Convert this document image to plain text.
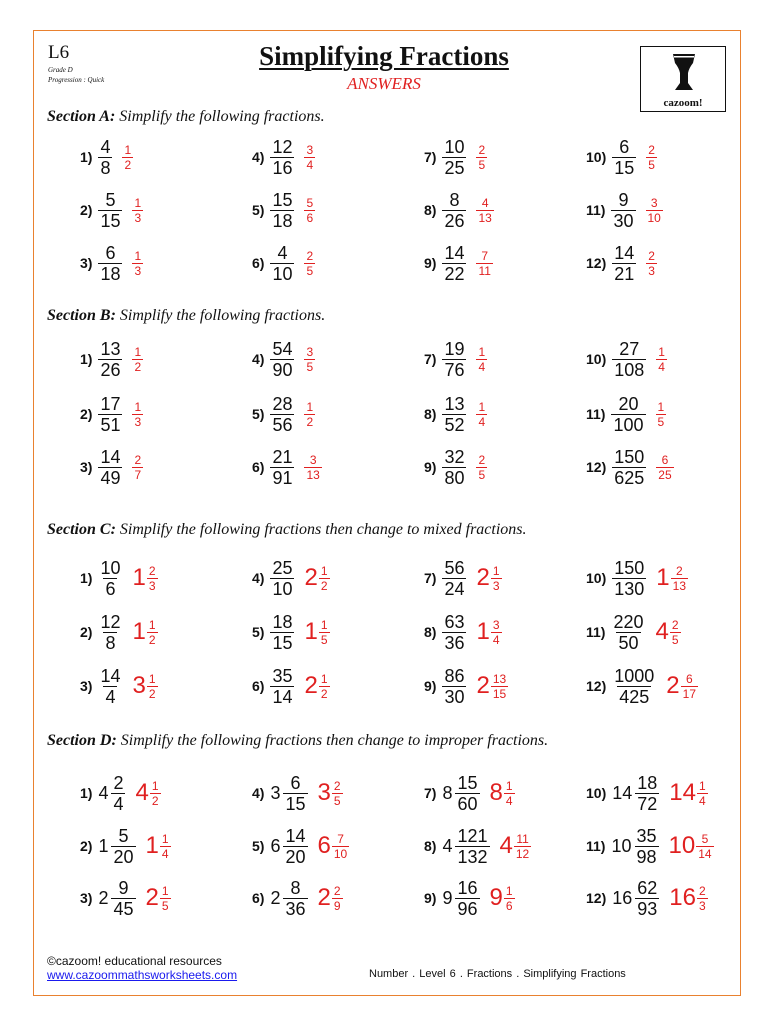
L6
Grade D
Progression : Quick
Simplifying Fractions
ANSWERS
cazoom!
Section A: Simplify the following fractions.
Section B: Simplify the following fractions.
Section C: Simplify the following fractions then change to mixed fractions.
Section D: Simplify the following fractions then change to improper fractions.
$1) \frac{4}{8} \frac{1}{2}$
$2) \frac{5}{15} \frac{1}{3}$
$3) \frac{6}{18} \frac{1}{3}$
$4) \frac{12}{16} \frac{3}{4}$
$5) \frac{15}{18} \frac{5}{6}$
$6) \frac{4}{10} \frac{2}{5}$
$7) \frac{10}{25} \frac{2}{5}$
$8) \frac{8}{26} \frac{4}{13}$
$9) \frac{14}{22} \frac{7}{11}$
$10) \frac{6}{15} \frac{2}{5}$
$11) \frac{9}{30} \frac{3}{10}$
$12) \frac{14}{21} \frac{2}{3}$
$1) \frac{13}{26} \frac{1}{2}$
$2) \frac{17}{51} \frac{1}{3}$
$3) \frac{14}{49} \frac{2}{7}$
$4) \frac{54}{90} \frac{3}{5}$
$5) \frac{28}{56} \frac{1}{2}$
$6) \frac{21}{91} \frac{3}{13}$
$7) \frac{19}{76} \frac{1}{4}$
$8) \frac{13}{52} \frac{1}{4}$
$9) \frac{32}{80} \frac{2}{5}$
$10) \frac{27}{108} \frac{1}{4}$
$11) \frac{20}{100} \frac{1}{5}$
$12) \frac{150}{625} \frac{6}{25}$
$1) \frac{10}{6} 1 \frac{2}{3}$
$2) \frac{12}{8} 1 \frac{1}{2}$
$3) \frac{14}{4} 3 \frac{1}{2}$
$4) \frac{25}{10} 2 \frac{1}{2}$
$5) \frac{18}{15} 1 \frac{1}{5}$
$6) \frac{35}{14} 2 \frac{1}{2}$
$7) \frac{56}{24} 2 \frac{1}{3}$
$8) \frac{63}{36} 1 \frac{3}{4}$
$9) \frac{86}{30} 2 \frac{13}{15}$
$10) \frac{150}{130} 1 \frac{2}{13}$
$11) \frac{220}{50} 4 \frac{2}{5}$
$12) \frac{1000}{425} 2 \frac{6}{17}$
1) $4 \frac{2}{4} 4 \frac{1}{2}$
2) $1 \frac{5}{20} 1 \frac{1}{4}$
3) $2 \frac{9}{45} 2 \frac{1}{5}$
4) $3 \frac{6}{15} 3 \frac{2}{5}$
5) $6 \frac{14}{20} 6 \frac{7}{10}$
6) $2 \frac{8}{36} 2 \frac{2}{9}$
7) $8 \frac{15}{60} 8 \frac{1}{4}$
8) $4 \frac{121}{132} 4 \frac{11}{12}$
9) $9 \frac{16}{96} 9 \frac{1}{6}$
10) $14 \frac{18}{72} 14 \frac{1}{4}$
11) $10 \frac{35}{98} 10 \frac{5}{14}$
12) $16 \frac{62}{93} 16 \frac{2}{3}$
©cazoom! educational resources
www.cazoommathsworksheets.com	Number . Level 6 . Fractions . Simplifying Fractions
